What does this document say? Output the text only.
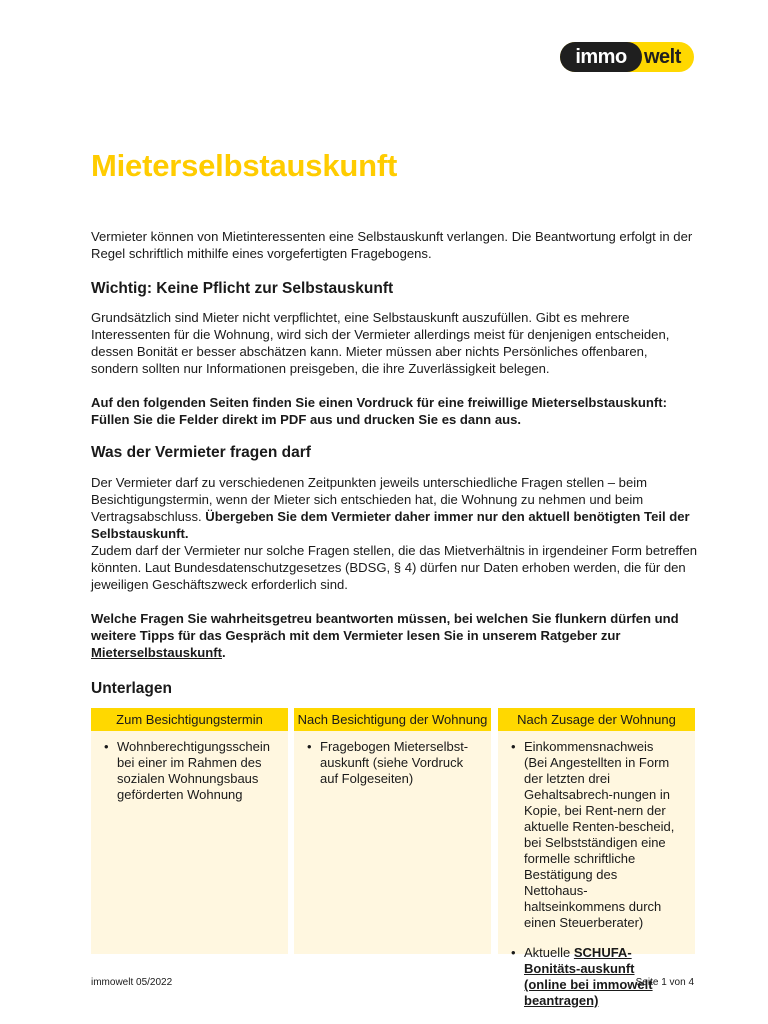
immo welt
Mieterselbstauskunft

Vermieter können von Mietinteressenten eine Selbstauskunft verlangen. Die Beantwortung erfolgt in der Regel schriftlich mithilfe eines vorgefertigten Fragebogens.

Wichtig: Keine Pflicht zur Selbstauskunft

Grundsätzlich sind Mieter nicht verpflichtet, eine Selbstauskunft auszufüllen. Gibt es mehrere Interessenten für die Wohnung, wird sich der Vermieter allerdings meist für denjenigen entscheiden, dessen Bonität er besser abschätzen kann. Mieter müssen aber nichts Persönliches offenbaren, sondern sollten nur Informationen preisgeben, die ihre Zuverlässigkeit belegen.

Auf den folgenden Seiten finden Sie einen Vordruck für eine freiwillige Mieterselbstauskunft: Füllen Sie die Felder direkt im PDF aus und drucken Sie es dann aus.

Was der Vermieter fragen darf

Der Vermieter darf zu verschiedenen Zeitpunkten jeweils unterschiedliche Fragen stellen – beim Besichtigungstermin, wenn der Mieter sich entschieden hat, die Wohnung zu nehmen und beim Vertragsabschluss. Übergeben Sie dem Vermieter daher immer nur den aktuell benötigten Teil der Selbstauskunft.

Zudem darf der Vermieter nur solche Fragen stellen, die das Mietverhältnis in irgendeiner Form betreffen könnten. Laut Bundesdatenschutzgesetzes (BDSG, § 4) dürfen nur Daten erhoben werden, die für den jeweiligen Geschäftszweck erforderlich sind.

Welche Fragen Sie wahrheitsgetreu beantworten müssen, bei welchen Sie flunkern dürfen und weitere Tipps für das Gespräch mit dem Vermieter lesen Sie in unserem Ratgeber zur Mieterselbstauskunft.

Unterlagen
Zum Besichtigungstermin
• Wohnberechtigungsschein bei einer im Rahmen des sozialen Wohnungsbaus geförderten Wohnung
Nach Besichtigung der Wohnung
• Fragebogen Mieterselbst-auskunft (siehe Vordruck auf Folgeseiten)
Nach Zusage der Wohnung
• Einkommensnachweis (Bei Angestellten in Form der letzten drei Gehaltsabrech-nungen in Kopie, bei Rent-nern der aktuelle Renten-bescheid, bei Selbstständigen eine formelle schriftliche Bestätigung des Nettohaus-haltseinkommens durch einen Steuerberater)
• Aktuelle SCHUFA-Bonitäts-auskunft (online bei immowelt beantragen)
immowelt 05/2022	Seite 1 von 4
